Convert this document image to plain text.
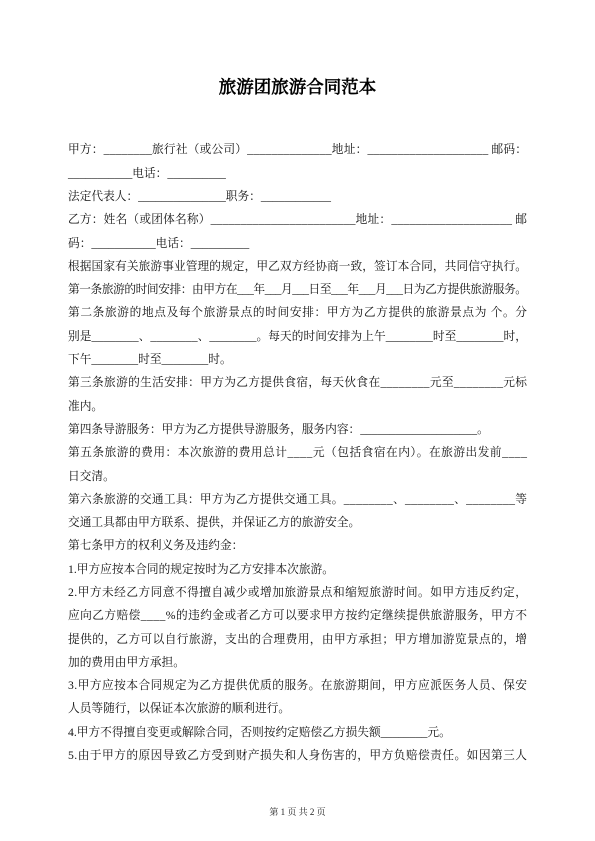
旅游团旅游合同范本
甲方：________旅行社（或公司）______________地址：____________________ 邮码：
___________电话：__________
法定代表人：_______________职务：____________
乙方：姓名（或团体名称）________________________地址：____________________ 邮
码：___________电话：__________
根据国家有关旅游事业管理的规定，甲乙双方经协商一致，签订本合同，共同信守执行。
第一条旅游的时间安排：由甲方在___年___月___日至___年___月___日为乙方提供旅游服务。
第二条旅游的地点及每个旅游景点的时间安排：甲方为乙方提供的旅游景点为 个。分
别是________、________、________。每天的时间安排为上午________时至________时，
下午________时至________时。
第三条旅游的生活安排：甲方为乙方提供食宿，每天伙食在________元至________元标
准内。
第四条导游服务：甲方为乙方提供导游服务，服务内容：____________________。
第五条旅游的费用：本次旅游的费用总计____元（包括食宿在内）。在旅游出发前____
日交清。
第六条旅游的交通工具：甲方为乙方提供交通工具。________、________、________等
交通工具都由甲方联系、提供，并保证乙方的旅游安全。
第七条甲方的权利义务及违约金：
1.甲方应按本合同的规定按时为乙方安排本次旅游。
2.甲方未经乙方同意不得擅自减少或增加旅游景点和缩短旅游时间。如甲方违反约定，
应向乙方赔偿____%的违约金或者乙方可以要求甲方按约定继续提供旅游服务，甲方不
提供的，乙方可以自行旅游，支出的合理费用，由甲方承担；甲方增加游览景点的，增
加的费用由甲方承担。
3.甲方应按本合同规定为乙方提供优质的服务。在旅游期间，甲方应派医务人员、保安
人员等随行，以保证本次旅游的顺利进行。
4.甲方不得擅自变更或解除合同，否则按约定赔偿乙方损失额________元。
5.由于甲方的原因导致乙方受到财产损失和人身伤害的，甲方负赔偿责任。如因第三人
第 1 页 共 2 页
